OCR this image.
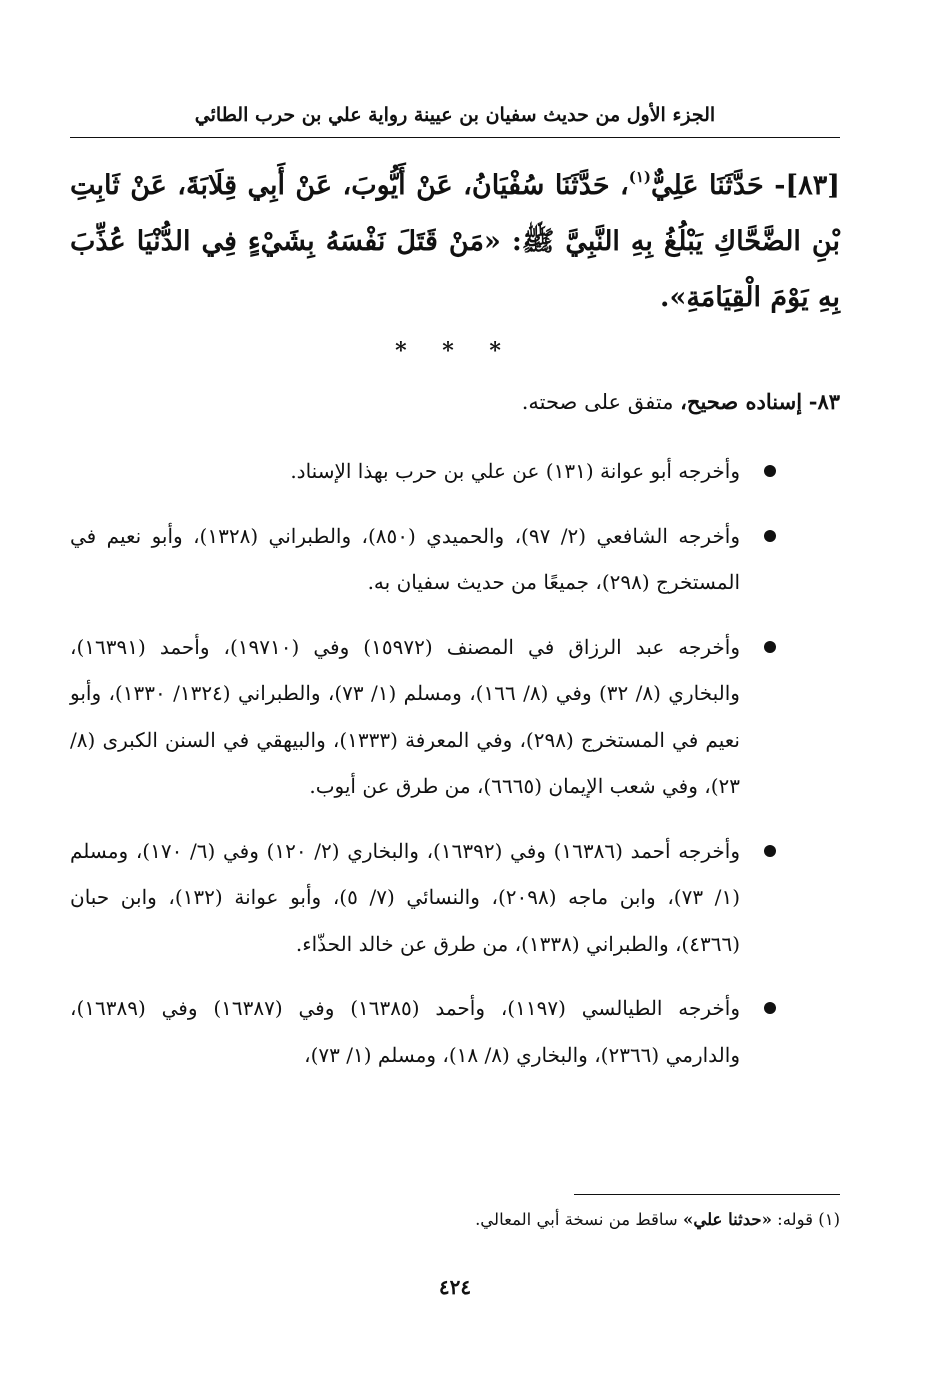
الجزء الأول من حديث سفيان بن عيينة رواية علي بن حرب الطائي
[٨٣]- حَدَّثَنَا عَلِيٌّ$^{(١)}$، حَدَّثَنَا سُفْيَانُ، عَنْ أَيُّوبَ، عَنْ أَبِي قِلَابَةَ، عَنْ ثَابِتِ بْنِ الضَّحَّاكِ يَبْلُغُ بِهِ النَّبِيَّ ﷺ: «مَنْ قَتَلَ نَفْسَهُ بِشَيْءٍ فِي الدُّنْيَا عُذِّبَ بِهِ يَوْمَ الْقِيَامَةِ».
* * *
٨٣- إسناده صحيح، متفق على صحته.
وأخرجه أبو عوانة (١٣١) عن علي بن حرب بهذا الإسناد.
وأخرجه الشافعي (٢/ ٩٧)، والحميدي (٨٥٠)، والطبراني (١٣٢٨)، وأبو نعيم في المستخرج (٢٩٨)، جميعًا من حديث سفيان به.
وأخرجه عبد الرزاق في المصنف (١٥٩٧٢) وفي (١٩٧١٠)، وأحمد (١٦٣٩١)، والبخاري (٨/ ٣٢) وفي (٨/ ١٦٦)، ومسلم (١/ ٧٣)، والطبراني (١٣٢٤/ ١٣٣٠)، وأبو نعيم في المستخرج (٢٩٨)، وفي المعرفة (١٣٣٣)، والبيهقي في السنن الكبرى (٨/ ٢٣)، وفي شعب الإيمان (٦٦٦٥)، من طرق عن أيوب.
وأخرجه أحمد (١٦٣٨٦) وفي (١٦٣٩٢)، والبخاري (٢/ ١٢٠) وفي (٦/ ١٧٠)، ومسلم (١/ ٧٣)، وابن ماجه (٢٠٩٨)، والنسائي (٧/ ٥)، وأبو عوانة (١٣٢)، وابن حبان (٤٣٦٦)، والطبراني (١٣٣٨)، من طرق عن خالد الحذّاء.
وأخرجه الطيالسي (١١٩٧)، وأحمد (١٦٣٨٥) وفي (١٦٣٨٧) وفي (١٦٣٨٩)، والدارمي (٢٣٦٦)، والبخاري (٨/ ١٨)، ومسلم (١/ ٧٣)،
(١) قوله: «حدثنا علي» ساقط من نسخة أبي المعالي.
٤٢٤
